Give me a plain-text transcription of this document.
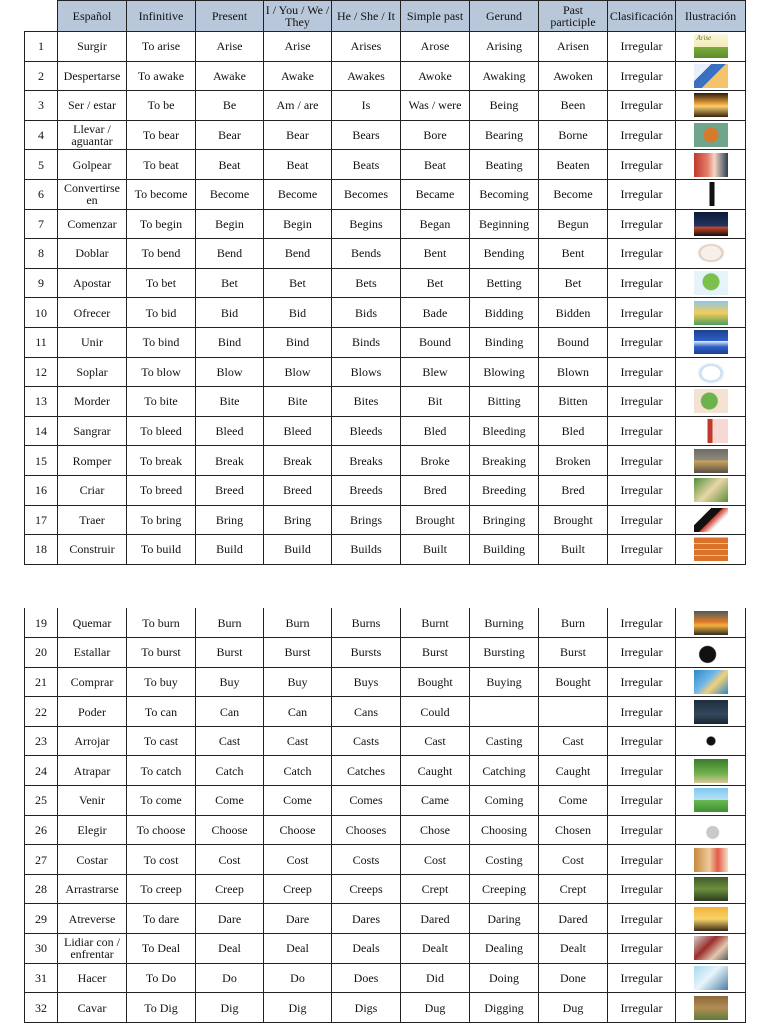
	Español	Infinitive	Present	I / You / We / They	He / She / It	Simple past	Gerund	Past participle	Clasificación	Ilustración
1	Surgir	To arise	Arise	Arise	Arises	Arose	Arising	Arisen	Irregular	Arise

2	Despertarse	To awake	Awake	Awake	Awakes	Awoke	Awaking	Awoken	Irregular	
3	Ser / estar	To be	Be	Am / are	Is	Was / were	Being	Been	Irregular	
4	Llevar / aguantar	To bear	Bear	Bear	Bears	Bore	Bearing	Borne	Irregular	
5	Golpear	To beat	Beat	Beat	Beats	Beat	Beating	Beaten	Irregular	
6	Convertirse en	To become	Become	Become	Becomes	Became	Becoming	Become	Irregular	
7	Comenzar	To begin	Begin	Begin	Begins	Began	Beginning	Begun	Irregular	
8	Doblar	To bend	Bend	Bend	Bends	Bent	Bending	Bent	Irregular	
9	Apostar	To bet	Bet	Bet	Bets	Bet	Betting	Bet	Irregular	
10	Ofrecer	To bid	Bid	Bid	Bids	Bade	Bidding	Bidden	Irregular	
11	Unir	To bind	Bind	Bind	Binds	Bound	Binding	Bound	Irregular	
12	Soplar	To blow	Blow	Blow	Blows	Blew	Blowing	Blown	Irregular	
13	Morder	To bite	Bite	Bite	Bites	Bit	Bitting	Bitten	Irregular	
14	Sangrar	To bleed	Bleed	Bleed	Bleeds	Bled	Bleeding	Bled	Irregular	
15	Romper	To break	Break	Break	Breaks	Broke	Breaking	Broken	Irregular	
16	Criar	To breed	Breed	Breed	Breeds	Bred	Breeding	Bred	Irregular	
17	Traer	To bring	Bring	Bring	Brings	Brought	Bringing	Brought	Irregular	
18	Construir	To build	Build	Build	Builds	Built	Building	Built	Irregular	
19	Quemar	To burn	Burn	Burn	Burns	Burnt	Burning	Burn	Irregular	
20	Estallar	To burst	Burst	Burst	Bursts	Burst	Bursting	Burst	Irregular	
21	Comprar	To buy	Buy	Buy	Buys	Bought	Buying	Bought	Irregular	
22	Poder	To can	Can	Can	Cans	Could			Irregular	
23	Arrojar	To cast	Cast	Cast	Casts	Cast	Casting	Cast	Irregular	
24	Atrapar	To catch	Catch	Catch	Catches	Caught	Catching	Caught	Irregular	
25	Venir	To come	Come	Come	Comes	Came	Coming	Come	Irregular	
26	Elegir	To choose	Choose	Choose	Chooses	Chose	Choosing	Chosen	Irregular	
27	Costar	To cost	Cost	Cost	Costs	Cost	Costing	Cost	Irregular	
28	Arrastrarse	To creep	Creep	Creep	Creeps	Crept	Creeping	Crept	Irregular	
29	Atreverse	To dare	Dare	Dare	Dares	Dared	Daring	Dared	Irregular	
30	Lidiar con / enfrentar	To Deal	Deal	Deal	Deals	Dealt	Dealing	Dealt	Irregular	
31	Hacer	To Do	Do	Do	Does	Did	Doing	Done	Irregular	
32	Cavar	To Dig	Dig	Dig	Digs	Dug	Digging	Dug	Irregular	
